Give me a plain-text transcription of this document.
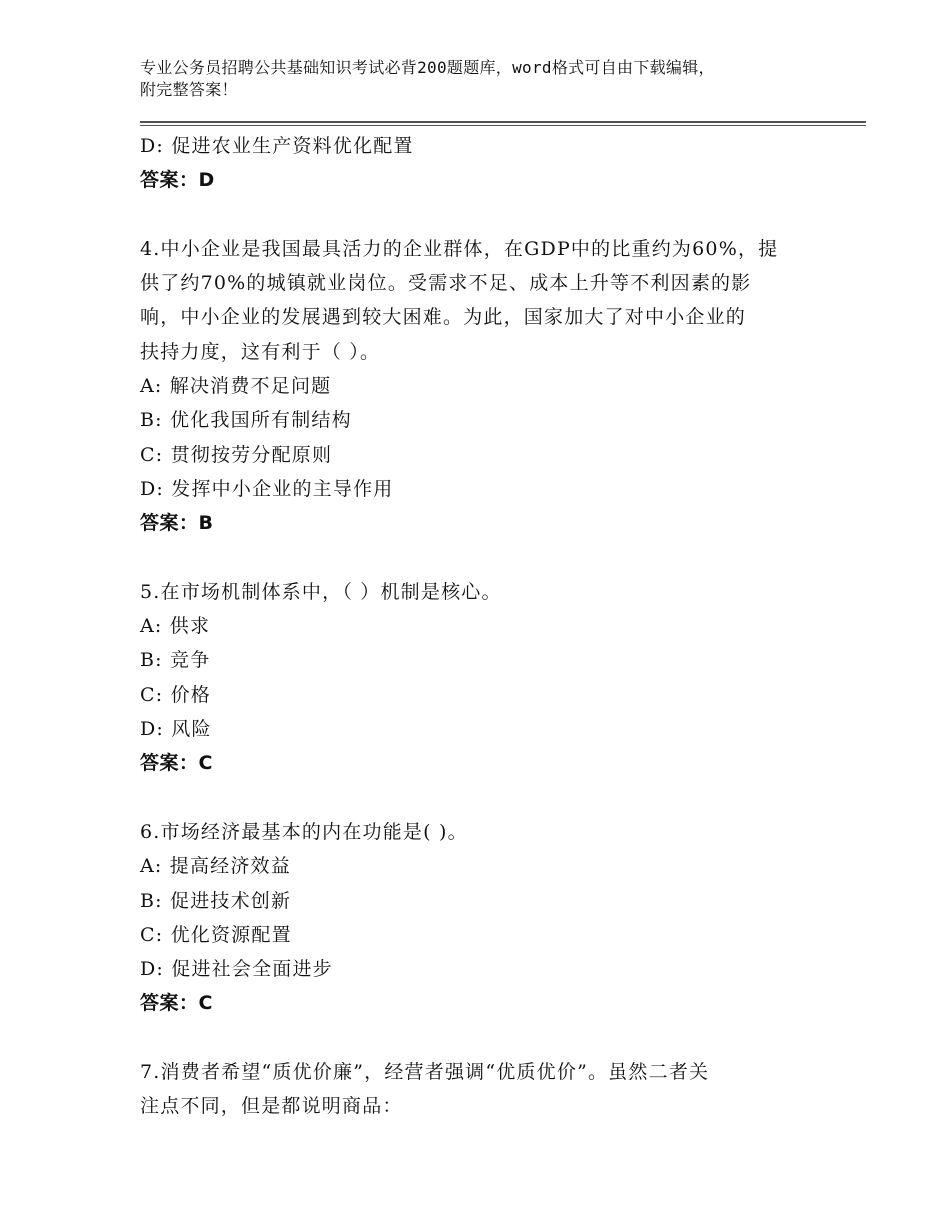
专业公务员招聘公共基础知识考试必背200题题库，word格式可自由下载编辑，
附完整答案！
D: 促进农业生产资料优化配置
答案：D
4.中小企业是我国最具活力的企业群体，在GDP中的比重约为60%，提
供了约70%的城镇就业岗位。受需求不足、成本上升等不利因素的影
响，中小企业的发展遇到较大困难。为此，国家加大了对中小企业的
扶持力度，这有利于（ ）。
A: 解决消费不足问题
B: 优化我国所有制结构
C: 贯彻按劳分配原则
D: 发挥中小企业的主导作用
答案：B
5.在市场机制体系中，（ ）机制是核心。
A: 供求
B: 竞争
C: 价格
D: 风险
答案：C
6.市场经济最基本的内在功能是( )。
A: 提高经济效益
B: 促进技术创新
C: 优化资源配置
D: 促进社会全面进步
答案：C
7.消费者希望“质优价廉”，经营者强调“优质优价”。虽然二者关
注点不同，但是都说明商品：
